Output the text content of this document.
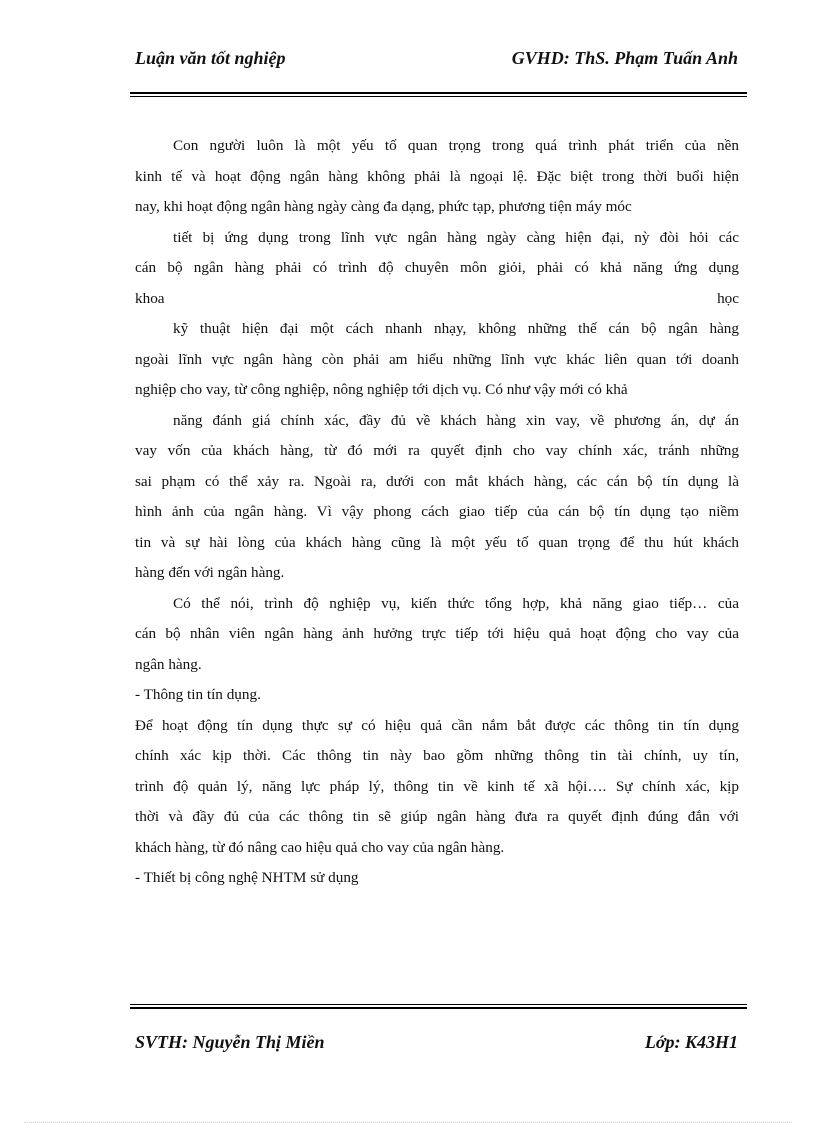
Luận văn tốt nghiệp	GVHD: ThS. Phạm Tuấn Anh
Con người luôn là một yếu tố quan trọng trong quá trình phát triển của nền
kinh tế và hoạt động ngân hàng không phải là ngoại lệ. Đặc biệt trong thời buổi hiện
nay, khi hoạt động ngân hàng ngày càng đa dạng, phức tạp, phương tiện máy móc
tiết bị ứng dụng trong lĩnh vực ngân hàng ngày càng hiện đại, nỳ đòi hỏi các
cán bộ ngân hàng phải có trình độ chuyên môn giỏi, phải có khả năng ứng dụng
khoa học
kỹ thuật hiện đại một cách nhanh nhạy, không những thế cán bộ ngân hàng
ngoài lĩnh vực ngân hàng còn phải am hiểu những lĩnh vực khác liên quan tới doanh
nghiệp cho vay, từ công nghiệp, nông nghiệp tới dịch vụ. Có như vậy mới có khả
năng đánh giá chính xác, đầy đủ về khách hàng xin vay, về phương án, dự án
vay vốn của khách hàng, từ đó mới ra quyết định cho vay chính xác, tránh những
sai phạm có thể xảy ra. Ngoài ra, dưới con mắt khách hàng, các cán bộ tín dụng là
hình ảnh của ngân hàng. Vì vậy phong cách giao tiếp của cán bộ tín dụng tạo niềm
tin và sự hài lòng của khách hàng cũng là một yếu tố quan trọng để thu hút khách
hàng đến với ngân hàng.
Có thể nói, trình độ nghiệp vụ, kiến thức tổng hợp, khả năng giao tiếp… của
cán bộ nhân viên ngân hàng ảnh hưởng trực tiếp tới hiệu quả hoạt động cho vay của
ngân hàng.
- Thông tin tín dụng.
Để hoạt động tín dụng thực sự có hiệu quả cần nắm bắt được các thông tin tín dụng
chính xác kịp thời. Các thông tin này bao gồm những thông tin tài chính, uy tín,
trình độ quản lý, năng lực pháp lý, thông tin về kinh tế xã hội…. Sự chính xác, kịp
thời và đầy đủ của các thông tin sẽ giúp ngân hàng đưa ra quyết định đúng đắn với
khách hàng, từ đó nâng cao hiệu quả cho vay của ngân hàng.
- Thiết bị công nghệ NHTM sử dụng
SVTH: Nguyễn Thị Miền	Lớp: K43H1
